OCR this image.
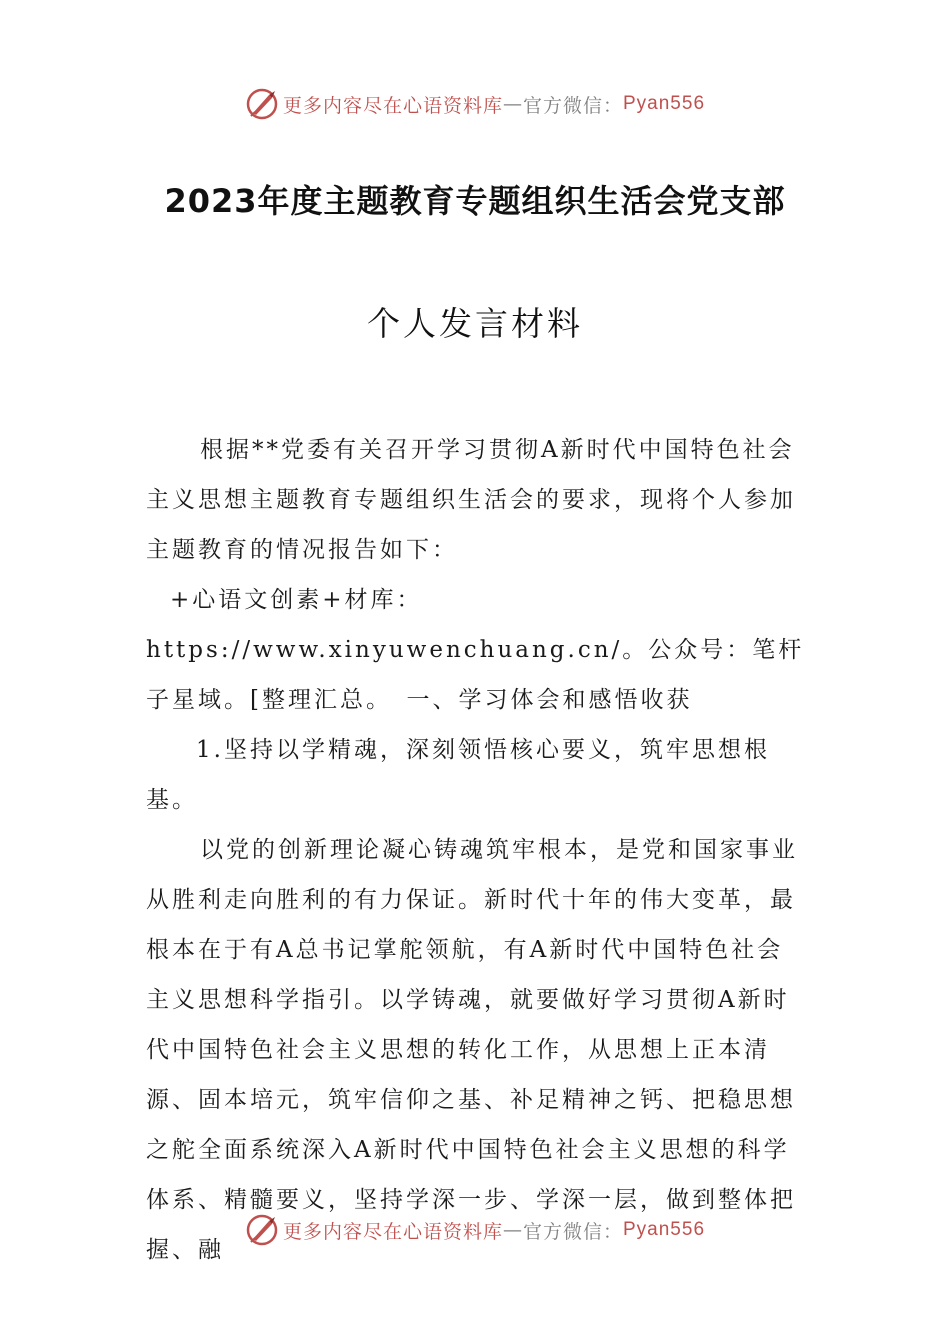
更多内容尽在心语资料库 — 官方微信： Pyan556
2023年度主题教育专题组织生活会党支部
个人发言材料

根据**党委有关召开学习贯彻A新时代中国特色社会主义思想主题教育专题组织生活会的要求，现将个人参加主题教育的情况报告如下：

+心语文创素+材库：https://www.xinyuwenchuang.cn/。公众号：笔杆子星域。[整理汇总。　一、学习体会和感悟收获

1.坚持以学精魂，深刻领悟核心要义，筑牢思想根基。

以党的创新理论凝心铸魂筑牢根本，是党和国家事业从胜利走向胜利的有力保证。新时代十年的伟大变革，最根本在于有A总书记掌舵领航，有A新时代中国特色社会主义思想科学指引。以学铸魂，就要做好学习贯彻A新时代中国特色社会主义思想的转化工作，从思想上正本清源、固本培元，筑牢信仰之基、补足精神之钙、把稳思想之舵全面系统深入A新时代中国特色社会主义思想的科学体系、精髓要义，坚持学深一步、学深一层，做到整体把握、融

更多内容尽在心语资料库 — 官方微信： Pyan556
